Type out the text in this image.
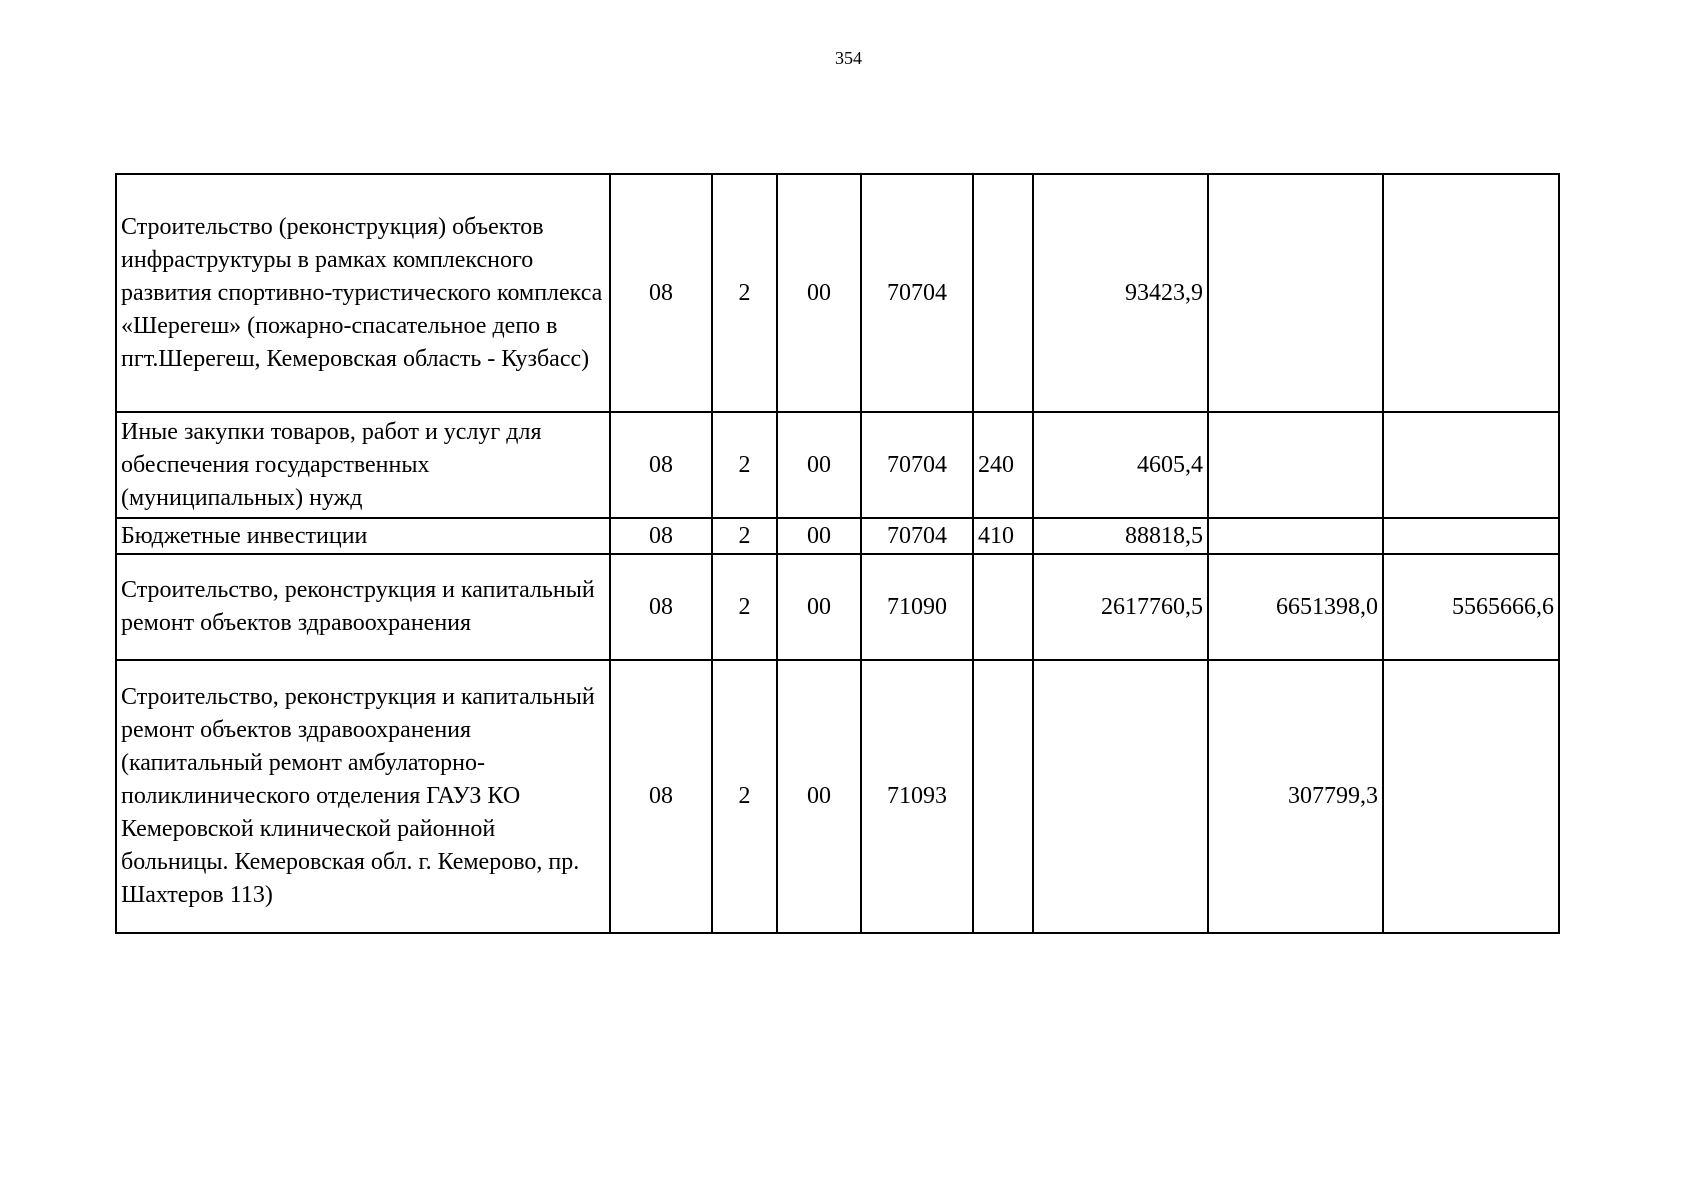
354
Строительство (реконструкция) объектов инфраструктуры в рамках комплексного развития спортивно-туристического комплекса «Шерегеш» (пожарно-спасательное депо в пгт.Шерегеш, Кемеровская область - Кузбасс)	08	2	00	70704		93423,9		
Иные закупки товаров, работ и услуг для обеспечения государственных (муниципальных) нужд	08	2	00	70704	240	4605,4		
Бюджетные инвестиции	08	2	00	70704	410	88818,5		
Строительство, реконструкция и капитальный ремонт объектов здравоохранения	08	2	00	71090		2617760,5	6651398,0	5565666,6
Строительство, реконструкция и капитальный ремонт объектов здравоохранения (капитальный ремонт амбулаторно-поликлинического отделения ГАУЗ КО Кемеровской клинической районной больницы. Кемеровская обл. г. Кемерово, пр. Шахтеров 113)	08	2	00	71093			307799,3	
